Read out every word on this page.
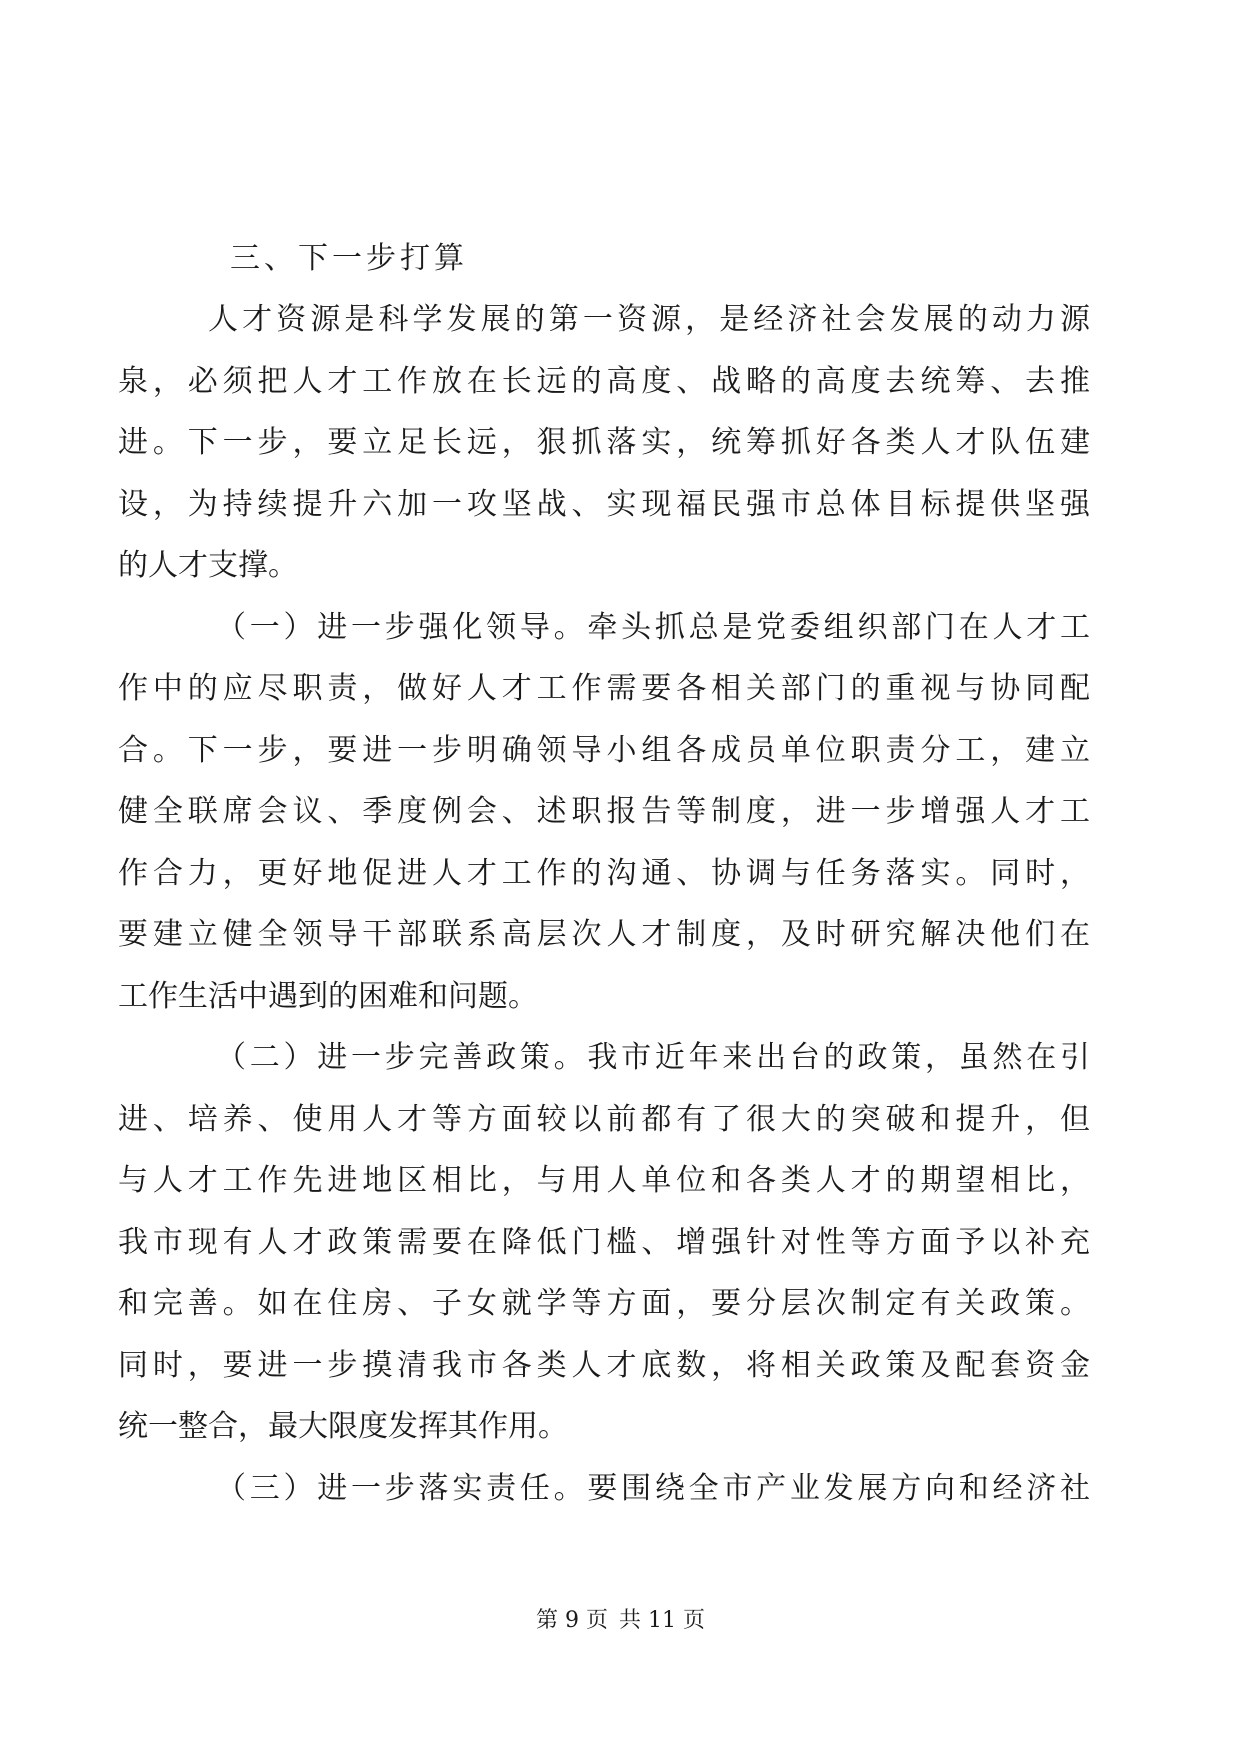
三、下一步打算
人才资源是科学发展的第一资源，是经济社会发展的动力源
泉，必须把人才工作放在长远的高度、战略的高度去统筹、去推
进。下一步，要立足长远，狠抓落实，统筹抓好各类人才队伍建
设，为持续提升六加一攻坚战、实现福民强市总体目标提供坚强
的人才支撑。
（一）进一步强化领导。牵头抓总是党委组织部门在人才工
作中的应尽职责，做好人才工作需要各相关部门的重视与协同配
合。下一步，要进一步明确领导小组各成员单位职责分工，建立
健全联席会议、季度例会、述职报告等制度，进一步增强人才工
作合力，更好地促进人才工作的沟通、协调与任务落实。同时，
要建立健全领导干部联系高层次人才制度，及时研究解决他们在
工作生活中遇到的困难和问题。
（二）进一步完善政策。我市近年来出台的政策，虽然在引
进、培养、使用人才等方面较以前都有了很大的突破和提升，但
与人才工作先进地区相比，与用人单位和各类人才的期望相比，
我市现有人才政策需要在降低门槛、增强针对性等方面予以补充
和完善。如在住房、子女就学等方面，要分层次制定有关政策。
同时，要进一步摸清我市各类人才底数，将相关政策及配套资金
统一整合，最大限度发挥其作用。
（三）进一步落实责任。要围绕全市产业发展方向和经济社
第 9 页 共 11 页
